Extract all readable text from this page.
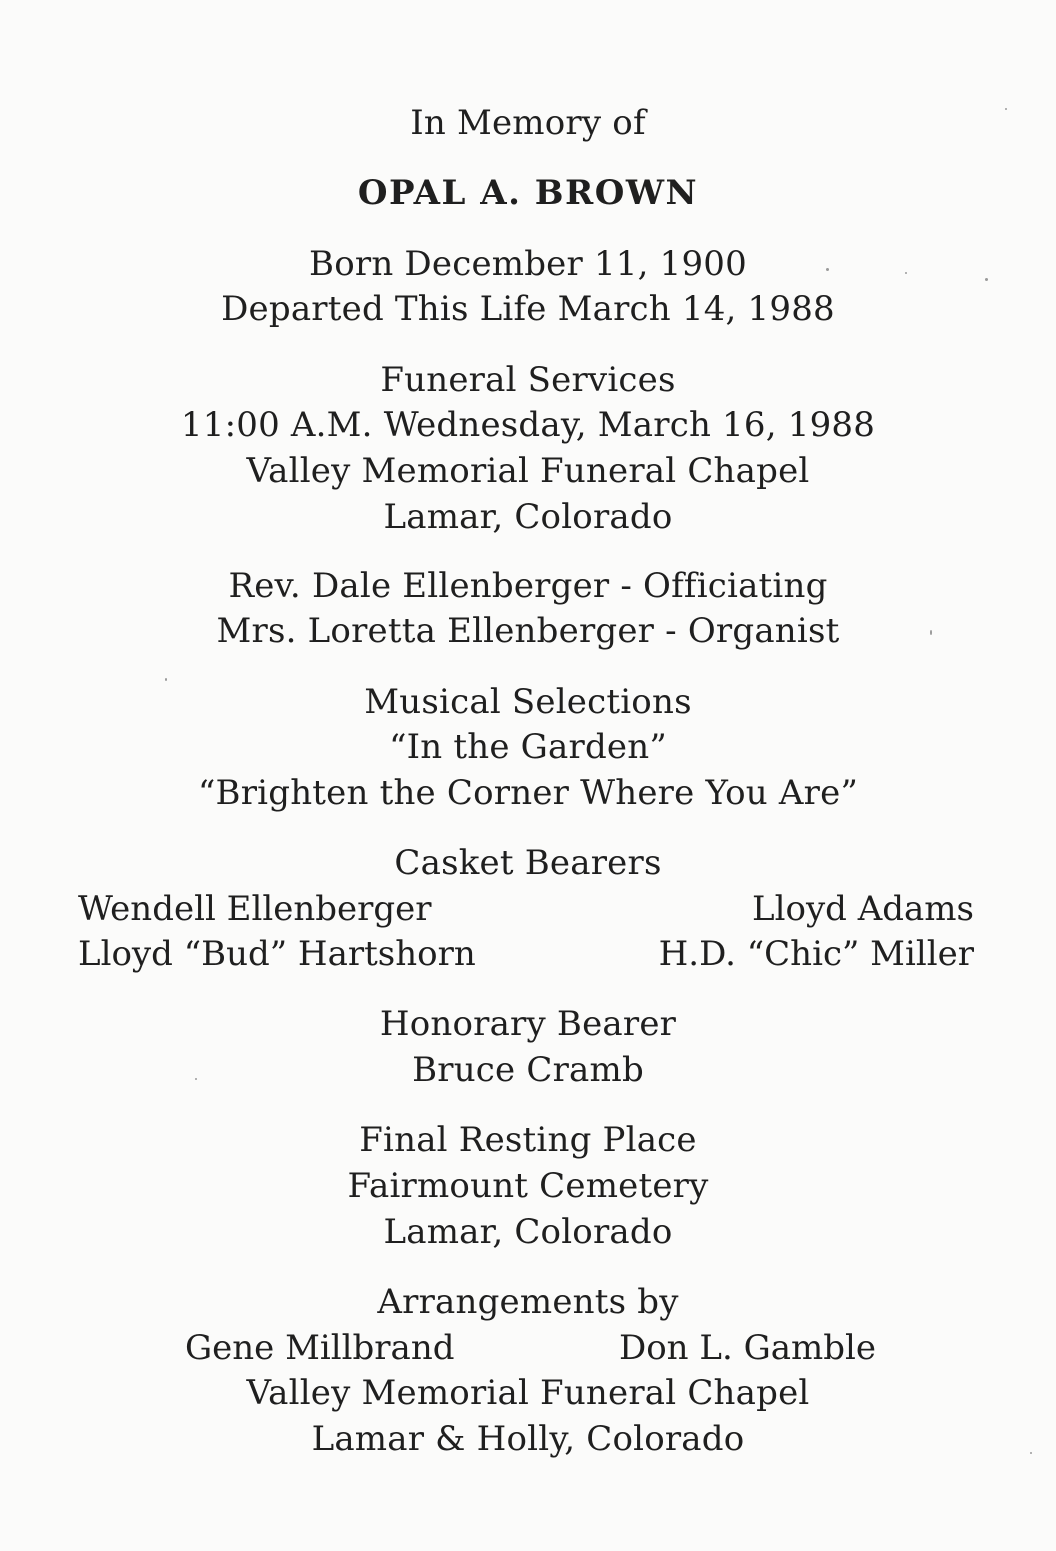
In Memory of
OPAL A. BROWN
Born December 11, 1900
Departed This Life March 14, 1988
Funeral Services
11:00 A.M. Wednesday, March 16, 1988
Valley Memorial Funeral Chapel
Lamar, Colorado
Rev. Dale Ellenberger - Officiating
Mrs. Loretta Ellenberger - Organist
Musical Selections
“In the Garden”
“Brighten the Corner Where You Are”
Casket Bearers
Wendell Ellenberger
Lloyd “Bud” Hartshorn
Lloyd Adams
H.D. “Chic” Miller
Honorary Bearer
Bruce Cramb
Final Resting Place
Fairmount Cemetery
Lamar, Colorado
Arrangements by
Gene Millbrand	Don L. Gamble
Valley Memorial Funeral Chapel
Lamar & Holly, Colorado
